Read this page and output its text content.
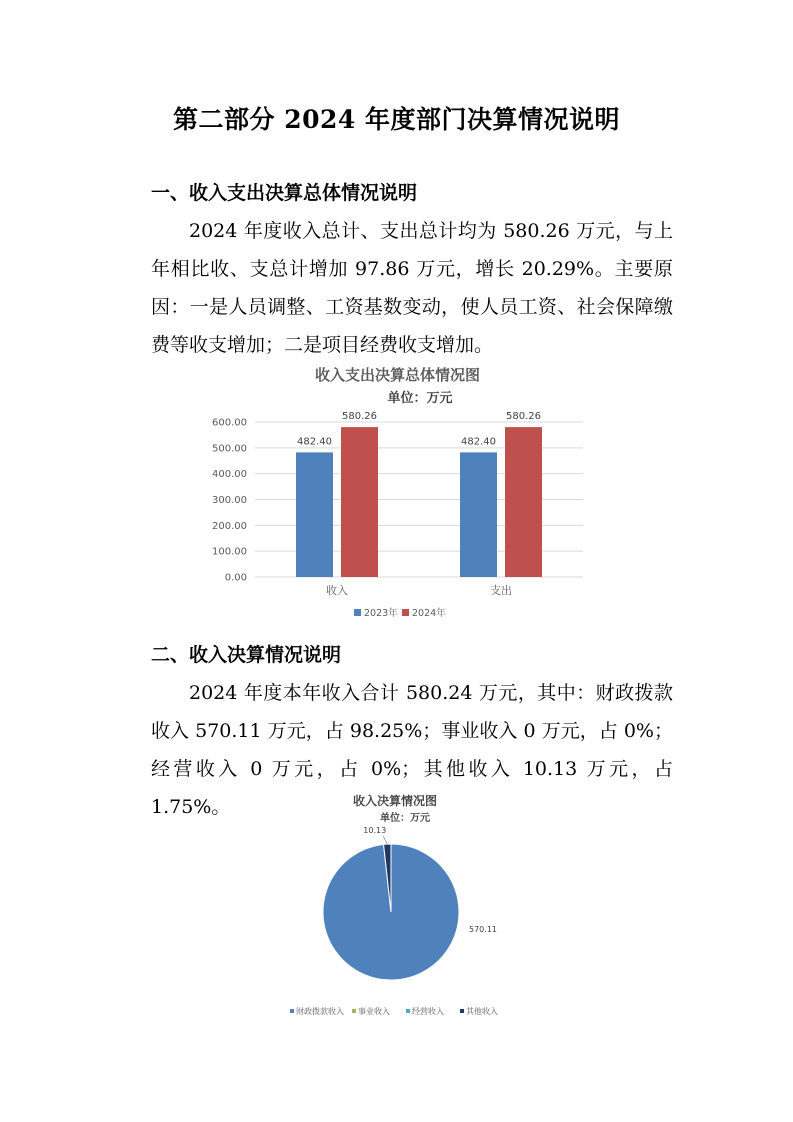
第二部分 2024 年度部门决算情况说明
一、收入支出决算总体情况说明
2024 年度收入总计、支出总计均为 580.26 万元，与上年相比收、支总计增加 97.86 万元，增长 20.29%。主要原因：一是人员调整、工资基数变动，使人员工资、社会保障缴费等收支增加；二是项目经费收支增加。
收入支出决算总体情况图
单位：万元
0.00
100.00
200.00
300.00
400.00
500.00
600.00
482.40
580.26
收入
482.40
580.26
支出
2023年 2024年
二、收入决算情况说明
2024 年度本年收入合计 580.24 万元，其中：财政拨款收入 570.11 万元，占 98.25%；事业收入 0 万元，占 0%；经营收入 0 万元，占 0%；其他收入 10.13 万元，占 1.75%。	收入决算情况图
单位：万元
570.11
10.13
财政拨款收入 事业收入	经营收入	其他收入
